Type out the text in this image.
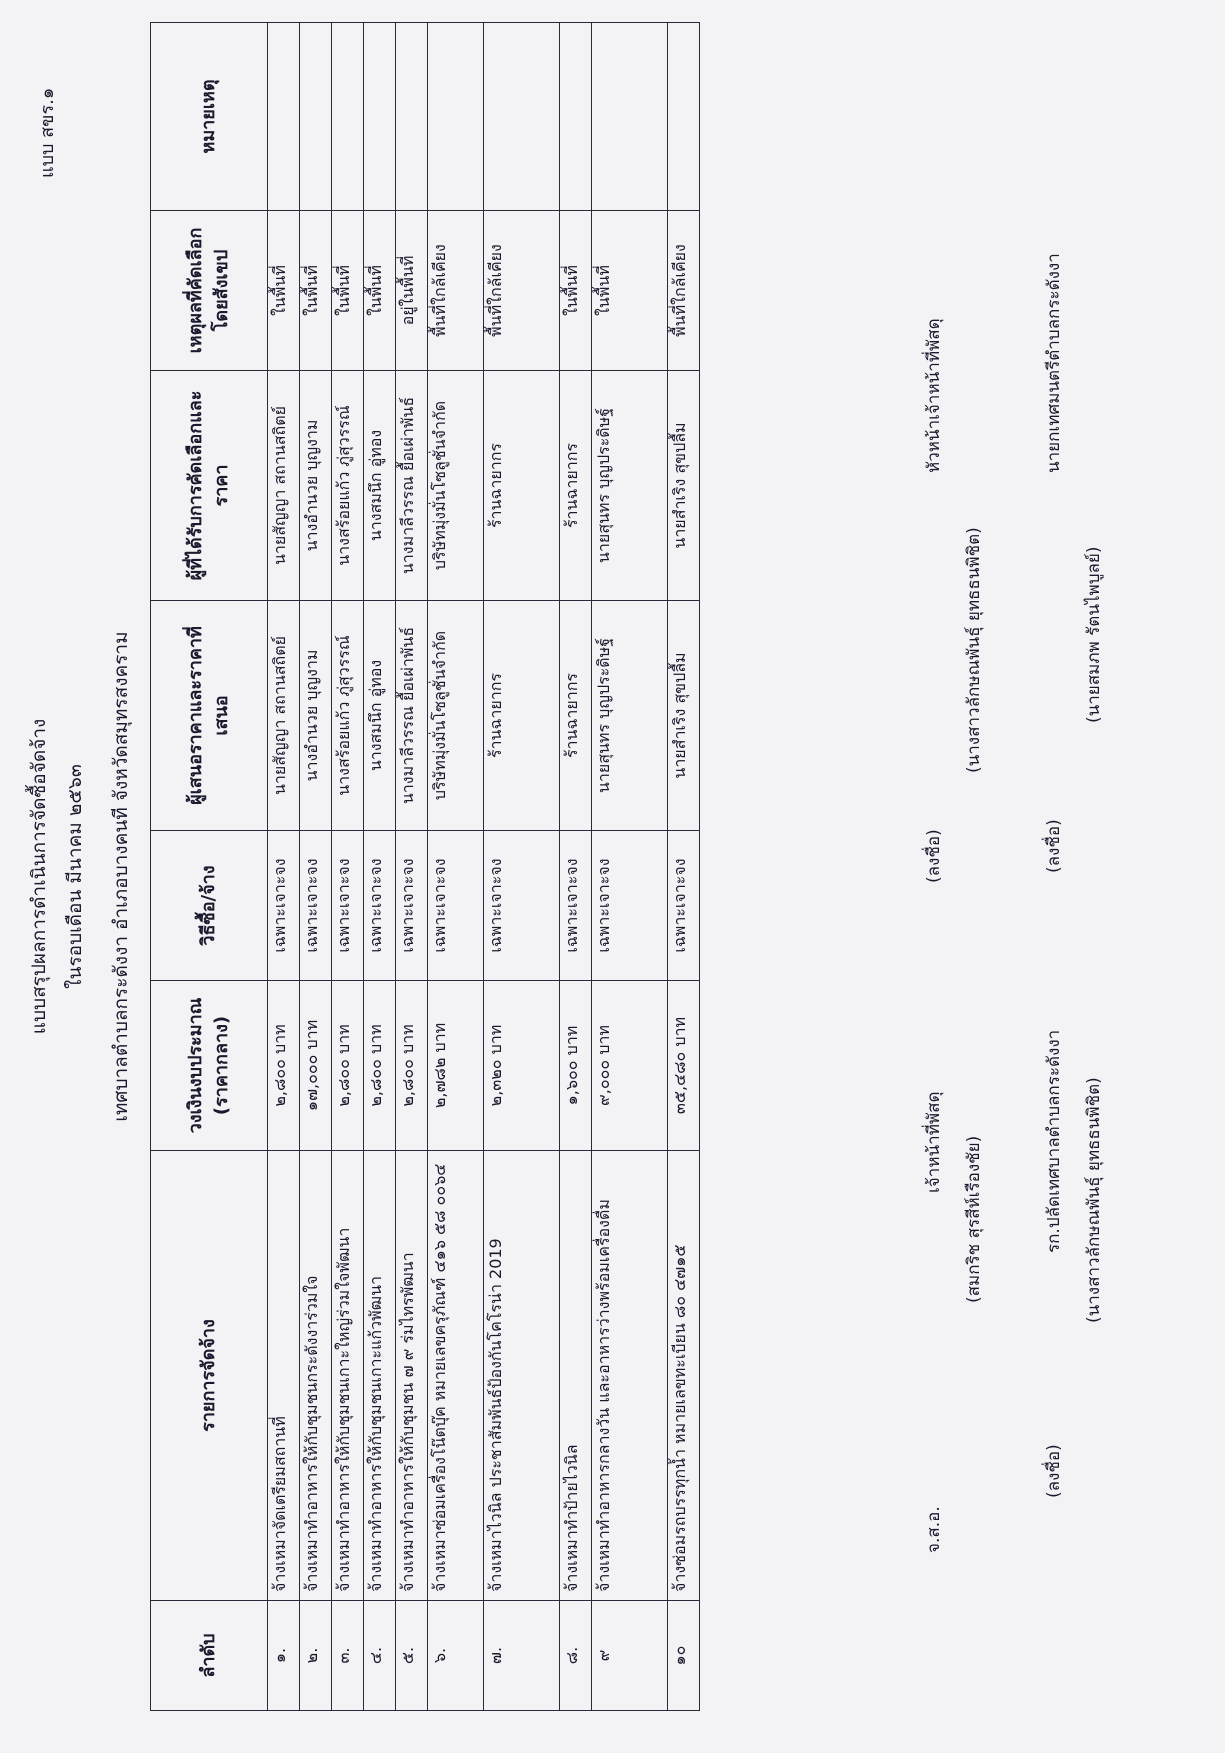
แบบ สขร.๑
แบบสรุปผลการดำเนินการจัดซื้อจัดจ้าง ในรอบเดือน มีนาคม ๒๕๖๓ เทศบาลตำบลกระดังงา อำเภอบางคนที จังหวัดสมุทรสงคราม
ลำดับ	รายการจัดจ้าง	วงเงินงบประมาณ (ราคากลาง)	วิธีซื้อ/จ้าง	ผู้เสนอราคาและราคาที่เสนอ	ผู้ที่ได้รับการคัดเลือกและราคา	เหตุผลที่คัดเลือกโดยสังเขป	หมายเหตุ
๑.	จ้างเหมาจัดเตรียมสถานที่	๒,๘๐๐ บาท	เฉพาะเจาะจง	นายสัญญา สถานสถิตย์	นายสัญญา สถานสถิตย์	ในพื้นที่	
๒.	จ้างเหมาทำอาหารให้กับชุมชนกระดังงาร่วมใจ	๑๗,๐๐๐ บาท	เฉพาะเจาะจง	นางอำนวย บุญงาม	นางอำนวย บุญงาม	ในพื้นที่	
๓.	จ้างเหมาทำอาหารให้กับชุมชนเกาะใหญ่ร่วมใจพัฒนา	๒,๘๐๐ บาท	เฉพาะเจาะจง	นางสร้อยแก้ว ภู่สุวรรณ์	นางสร้อยแก้ว ภู่สุวรรณ์	ในพื้นที่	
๔.	จ้างเหมาทำอาหารให้กับชุมชนเกาะแก้วพัฒนา	๒,๘๐๐ บาท	เฉพาะเจาะจง	นางสมนึก อู่ทอง	นางสมนึก อู่ทอง	ในพื้นที่	
๕.	จ้างเหมาทำอาหารให้กับชุมชน ๗ ๙ ร่มไทรพัฒนา	๒,๘๐๐ บาท	เฉพาะเจาะจง	นางมาลีวรรณ ยื้อเผ่าพันธ์	นางมาลีวรรณ ยื้อเผ่าพันธ์	อยู่ในพื้นที่	
๖.	จ้างเหมาซ่อมเครื่องโน๊ตบุ๊ค หมายเลขครุภัณฑ์ ๔๑๖ ๕๘ ๐๐๖๔	๒,๗๘๒ บาท	เฉพาะเจาะจง	บริษัทมุ่งมั่นโซลูชั่นจำกัด	บริษัทมุ่งมั่นโซลูชั่นจำกัด	พื้นที่ใกล้เคียง	
๗.	จ้างเหมาไวนิล ประชาสัมพันธ์ป้องกันโคโรน่า 2019	๒,๓๒๐ บาท	เฉพาะเจาะจง	ร้านฉายากร	ร้านฉายากร	พื้นที่ใกล้เคียง	
๘.	จ้างเหมาทำป้ายไวนิล	๑,๖๐๐ บาท	เฉพาะเจาะจง	ร้านฉายากร	ร้านฉายากร	ในพื้นที่	
๙	จ้างเหมาทำอาหารกลางวัน และอาหารว่างพร้อมเครื่องดื่ม	๙,๐๐๐ บาท	เฉพาะเจาะจง	นายสุนทร บุญประดิษฐ์	นายสุนทร บุญประดิษฐ์	ในพื้นที่	
๑๐	จ้างซ่อมรถบรรทุกน้ำ หมายเลขทะเบียน ๘๐ ๔๗๑๕	๓๕,๔๘๐ บาท	เฉพาะเจาะจง	นายสำเริง สุขปลื้ม	นายสำเริง สุขปลื้ม	พื้นที่ใกล้เคียง	
จ.ส.อ.
เจ้าหน้าที่พัสดุ (สมกริช สุรสีห์เรืองชัย)
(ลงชื่อ)
หัวหน้าเจ้าหน้าที่พัสดุ
(นางสาวลักษณพันธุ์ ยุทธธนพิชิต)
(ลงชื่อ)
รก.ปลัดเทศบาลตำบลกระดังงา (นางสาวลักษณพันธุ์ ยุทธธนพิชิต)
(ลงชื่อ)
นายกเทศมนตรีตำบลกระดังงา
(นายสมภพ รัตนไพบูลย์)
